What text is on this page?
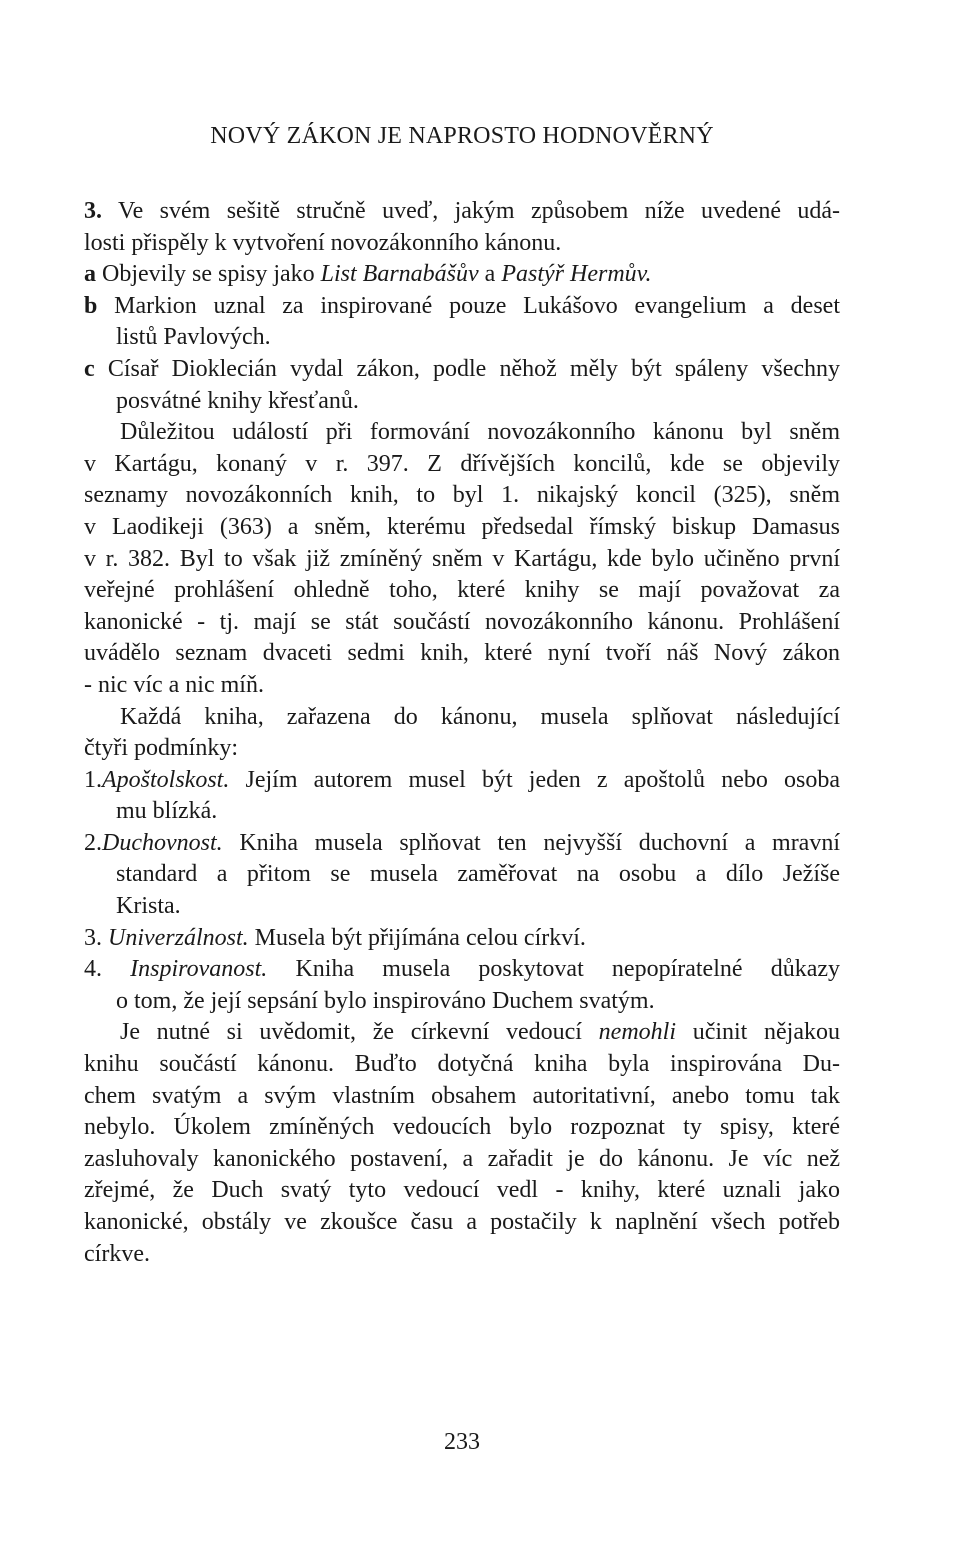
NOVÝ ZÁKON JE NAPROSTO HODNOVĚRNÝ
3. Ve svém sešitě stručně uveď, jakým způsobem níže uvedené udá-
losti přispěly k vytvoření novozákonního kánonu.
a Objevily se spisy jako List Barnabášův a Pastýř Hermův.
b Markion uznal za inspirované pouze Lukášovo evangelium a deset
listů Pavlových.
c Císař Dioklecián vydal zákon, podle něhož měly být spáleny všechny
posvátné knihy křesťanů.
Důležitou událostí při formování novozákonního kánonu byl sněm
v Kartágu, konaný v r. 397. Z dřívějších koncilů, kde se objevily
seznamy novozákonních knih, to byl 1. nikajský koncil (325), sněm
v Laodikeji (363) a sněm, kterému předsedal římský biskup Damasus
v r. 382. Byl to však již zmíněný sněm v Kartágu, kde bylo učiněno první
veřejné prohlášení ohledně toho, které knihy se mají považovat za
kanonické - tj. mají se stát součástí novozákonního kánonu. Prohlášení
uvádělo seznam dvaceti sedmi knih, které nyní tvoří náš Nový zákon
- nic víc a nic míň.
Každá kniha, zařazena do kánonu, musela splňovat následující
čtyři podmínky:
1.Apoštolskost. Jejím autorem musel být jeden z apoštolů nebo osoba
mu blízká.
2.Duchovnost. Kniha musela splňovat ten nejvyšší duchovní a mravní
standard a přitom se musela zaměřovat na osobu a dílo Ježíše
Krista.
3. Univerzálnost. Musela být přijímána celou církví.
4. Inspirovanost. Kniha musela poskytovat nepopíratelné důkazy
o tom, že její sepsání bylo inspirováno Duchem svatým.
Je nutné si uvědomit, že církevní vedoucí nemohli učinit nějakou
knihu součástí kánonu. Buďto dotyčná kniha byla inspirována Du-
chem svatým a svým vlastním obsahem autoritativní, anebo tomu tak
nebylo. Úkolem zmíněných vedoucích bylo rozpoznat ty spisy, které
zasluhovaly kanonického postavení, a zařadit je do kánonu. Je víc než
zřejmé, že Duch svatý tyto vedoucí vedl - knihy, které uznali jako
kanonické, obstály ve zkoušce času a postačily k naplnění všech potřeb
církve.
233
